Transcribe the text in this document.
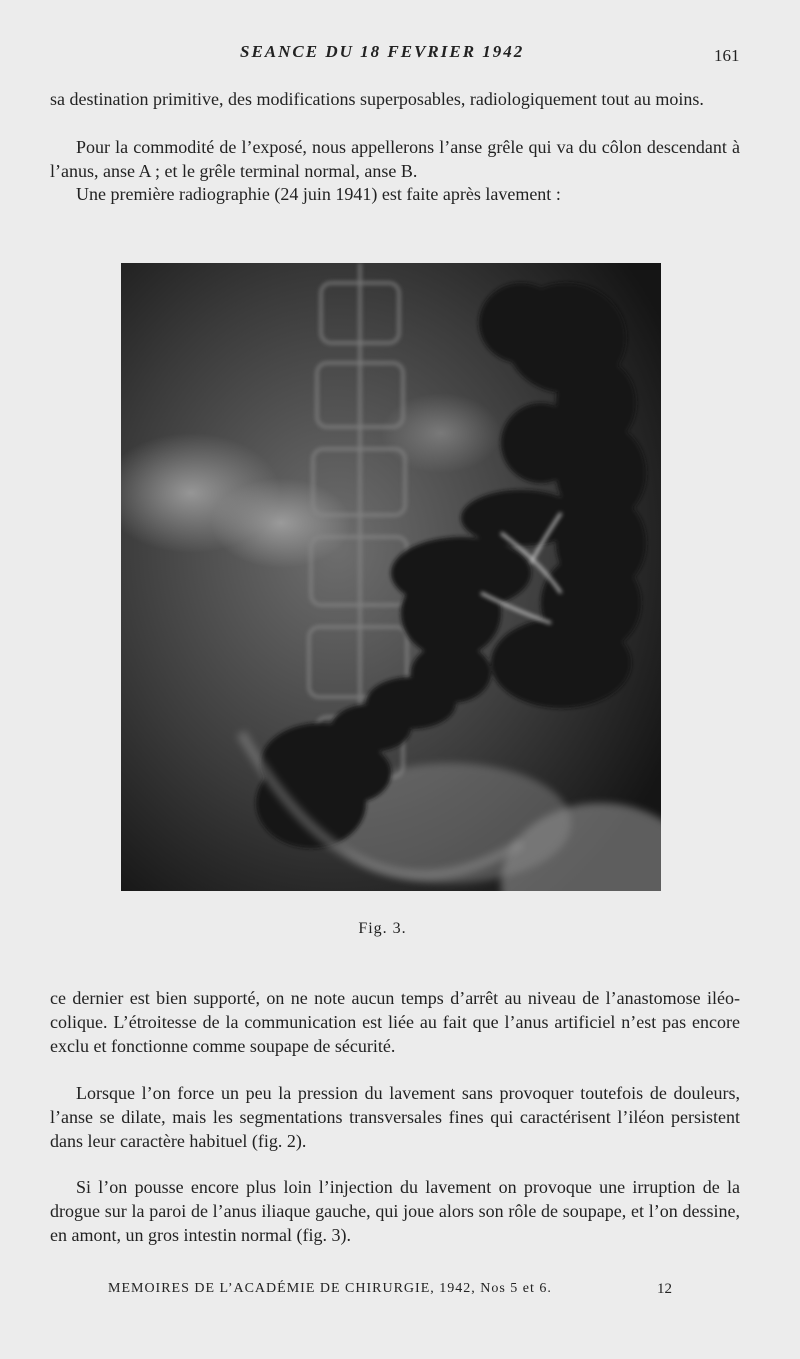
SEANCE DU 18 FEVRIER 1942	161

sa destination primitive, des modifications superposables, radiologiquement tout au moins.

Pour la commodité de l’exposé, nous appellerons l’anse grêle qui va du côlon descendant à l’anus, anse A ; et le grêle terminal normal, anse B.

Une première radiographie (24 juin 1941) est faite après lavement :

Fig. 3.

ce dernier est bien supporté, on ne note aucun temps d’arrêt au niveau de l’anastomose iléo-colique. L’étroitesse de la communication est liée au fait que l’anus artificiel n’est pas encore exclu et fonctionne comme soupape de sécurité.

Lorsque l’on force un peu la pression du lavement sans provoquer toutefois de douleurs, l’anse se dilate, mais les segmentations transversales fines qui caractérisent l’iléon persistent dans leur caractère habituel (fig. 2).

Si l’on pousse encore plus loin l’injection du lavement on provoque une irruption de la drogue sur la paroi de l’anus iliaque gauche, qui joue alors son rôle de soupape, et l’on dessine, en amont, un gros intestin normal (fig. 3).

MEMOIRES DE L’ACADÉMIE DE CHIRURGIE, 1942, Nos 5 et 6.	12
